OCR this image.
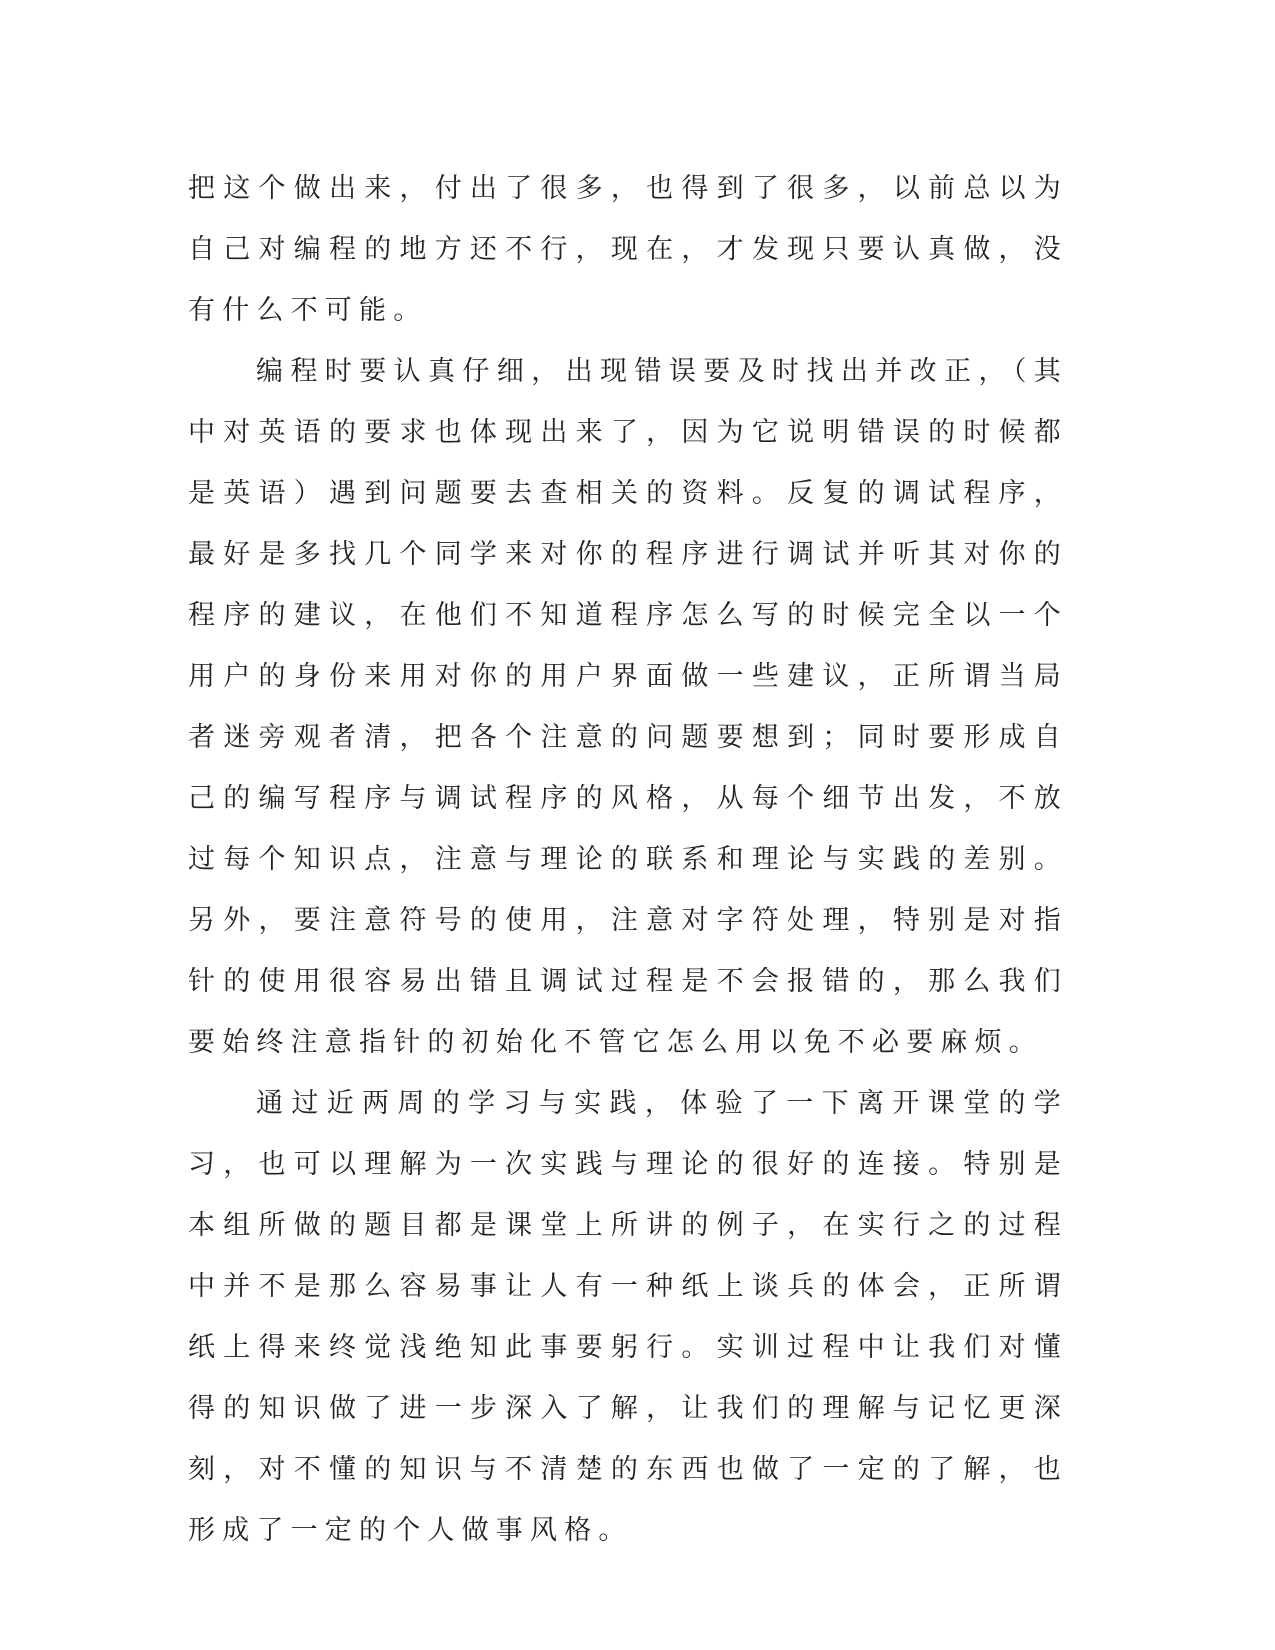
把这个做出来，付出了很多，也得到了很多，以前总以为自己对编程的地方还不行，现在，才发现只要认真做，没有什么不可能。

编程时要认真仔细，出现错误要及时找出并改正，（其中对英语的要求也体现出来了，因为它说明错误的时候都是英语）遇到问题要去查相关的资料。反复的调试程序，最好是多找几个同学来对你的程序进行调试并听其对你的程序的建议，在他们不知道程序怎么写的时候完全以一个用户的身份来用对你的用户界面做一些建议，正所谓当局者迷旁观者清，把各个注意的问题要想到；同时要形成自己的编写程序与调试程序的风格，从每个细节出发，不放过每个知识点，注意与理论的联系和理论与实践的差别。另外，要注意符号的使用，注意对字符处理，特别是对指针的使用很容易出错且调试过程是不会报错的，那么我们要始终注意指针的初始化不管它怎么用以免不必要麻烦。

通过近两周的学习与实践，体验了一下离开课堂的学习，也可以理解为一次实践与理论的很好的连接。特别是本组所做的题目都是课堂上所讲的例子，在实行之的过程中并不是那么容易事让人有一种纸上谈兵的体会，正所谓纸上得来终觉浅绝知此事要躬行。实训过程中让我们对懂得的知识做了进一步深入了解，让我们的理解与记忆更深刻，对不懂的知识与不清楚的东西也做了一定的了解，也形成了一定的个人做事风格。
